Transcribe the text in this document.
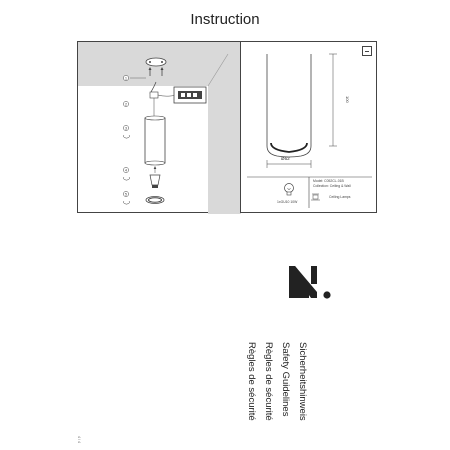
Instruction
1
2
3
4
5
100
Ø52
Model: C052CL-01B
Collection: Ceiling & Wall
1xGU10 10W
Ceiling Lamps
Sicherheitshinweis
Safety Guidelines
Règles de sécurité
Règles de sécurité
4 / 4
